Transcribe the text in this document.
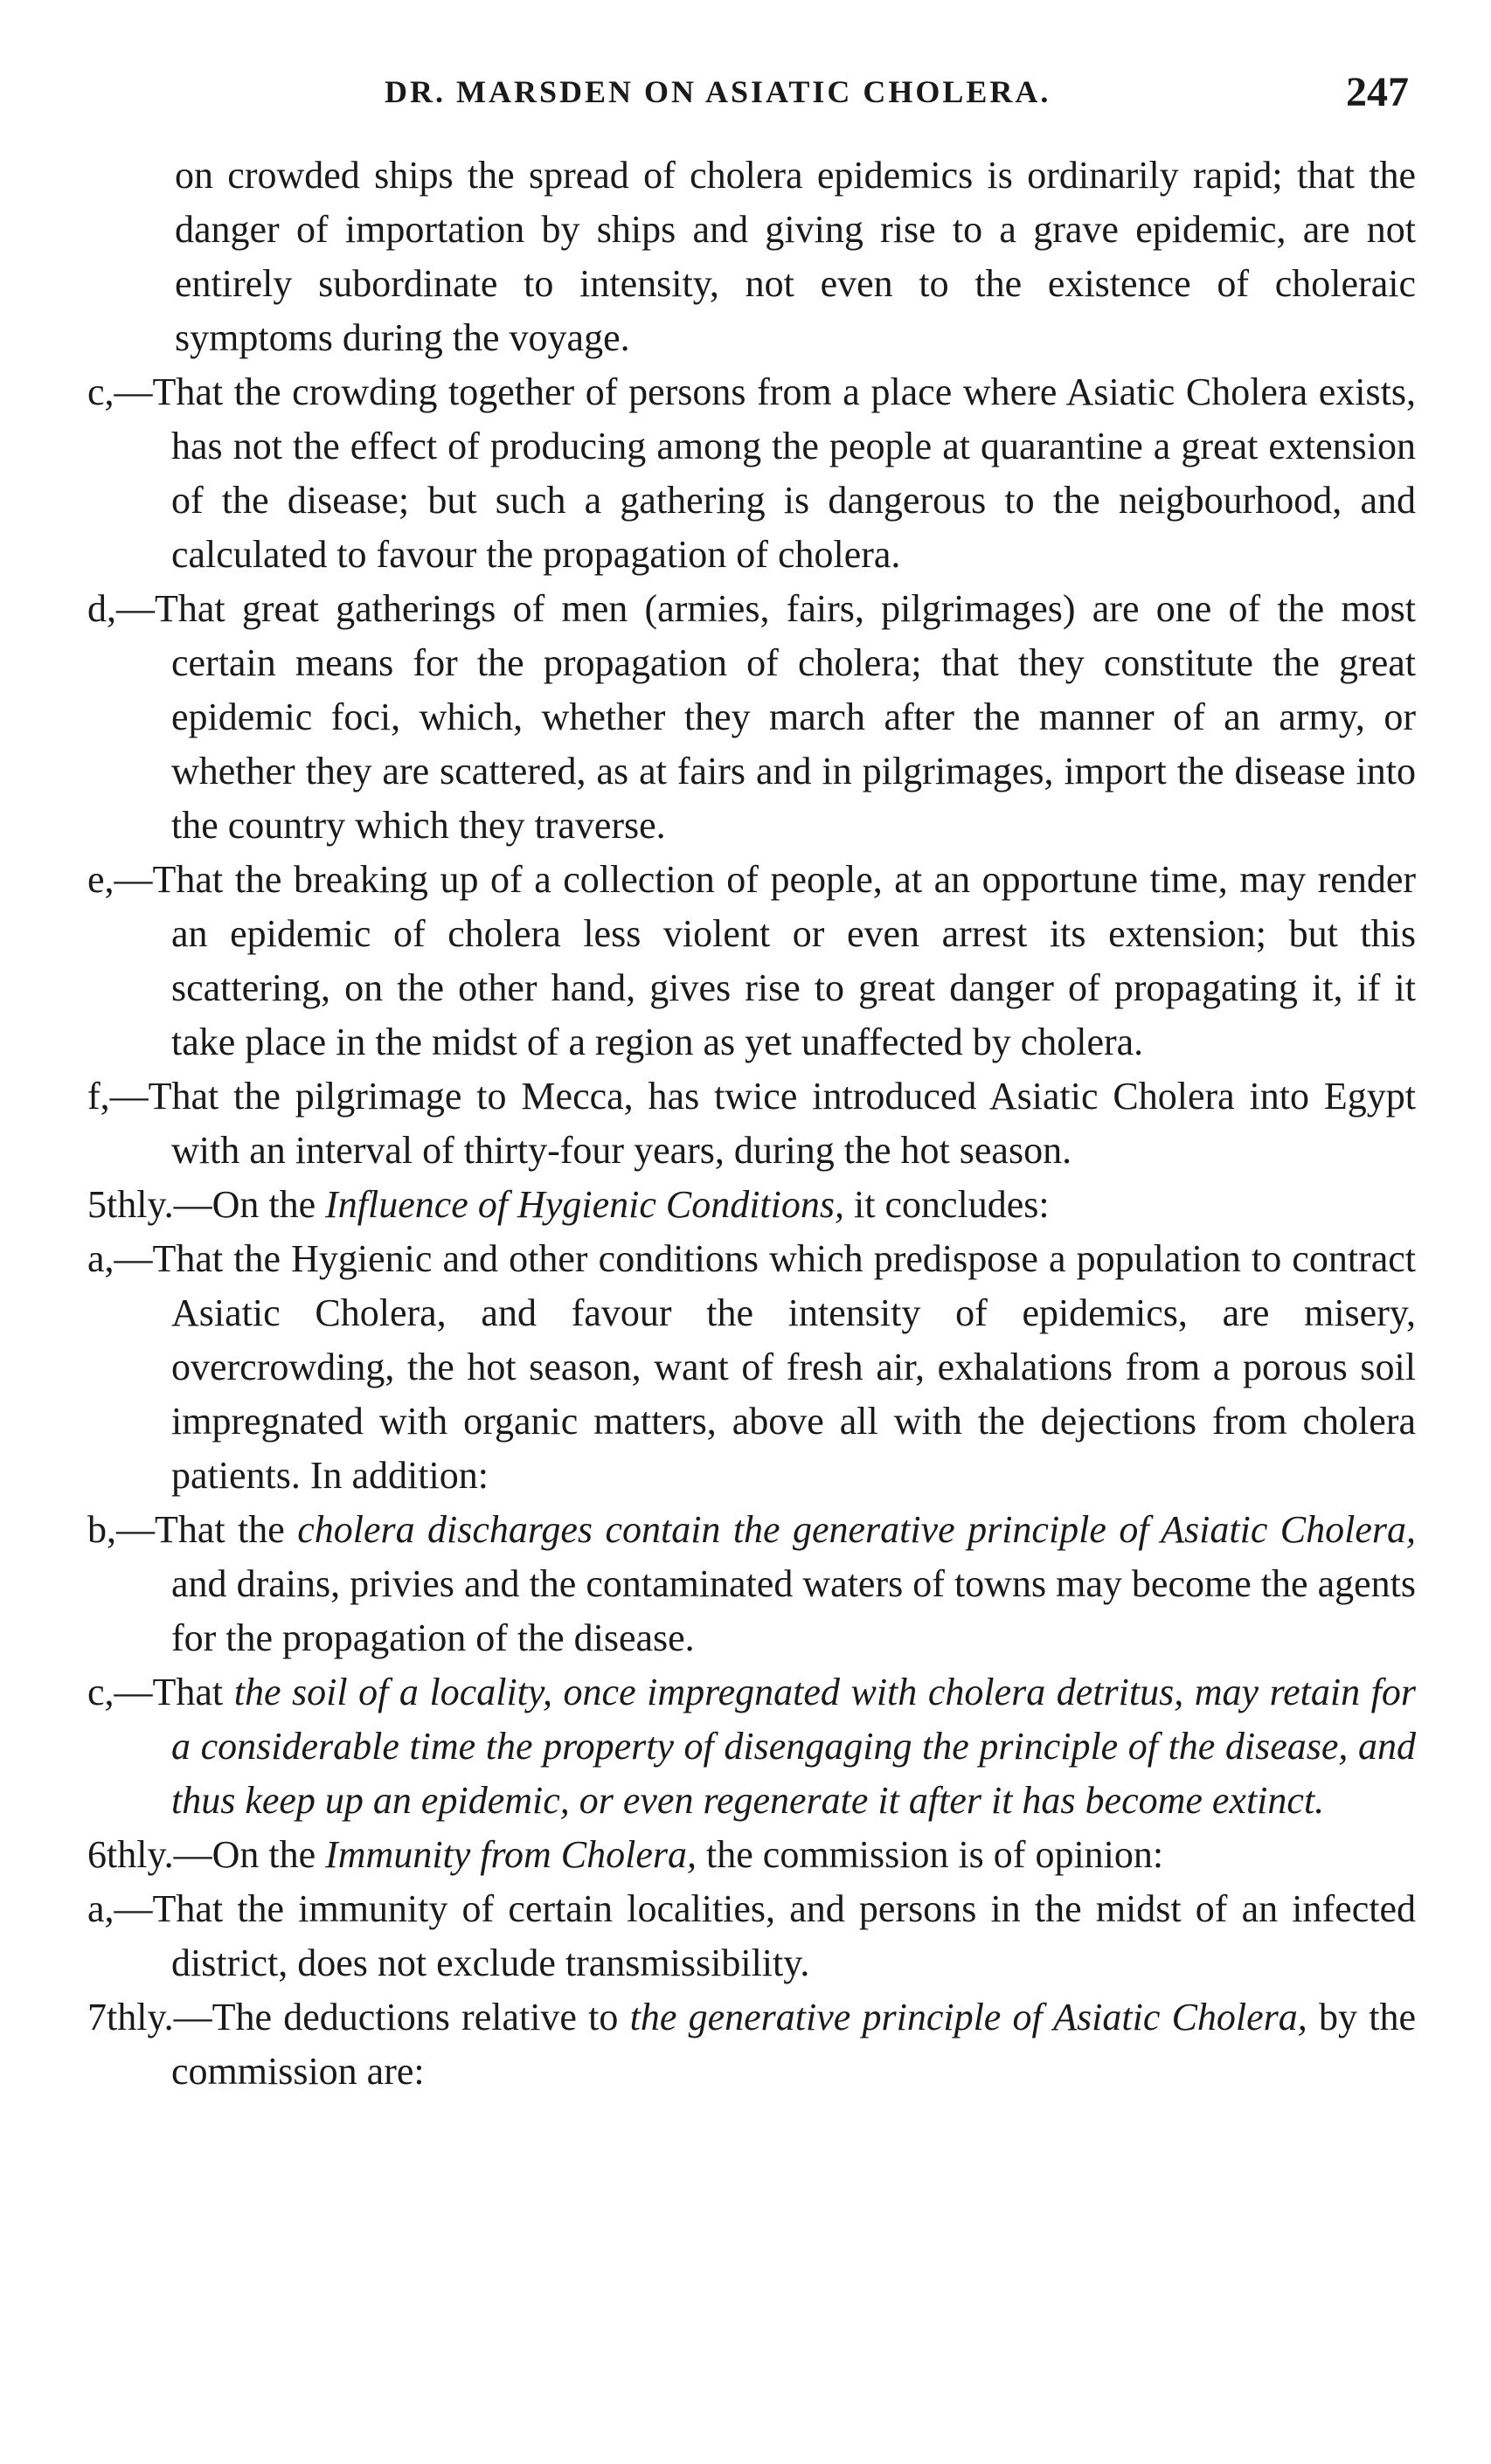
DR. MARSDEN ON ASIATIC CHOLERA.	247

on crowded ships the spread of cholera epidemics is ordinarily rapid; that the danger of importation by ships and giving rise to a grave epidemic, are not entirely subordinate to intensity, not even to the existence of choleraic symptoms during the voyage.

c,—That the crowding together of persons from a place where Asiatic Cholera exists, has not the effect of producing among the people at quarantine a great extension of the disease; but such a gathering is dangerous to the neigbourhood, and calculated to favour the propagation of cholera.

d,—That great gatherings of men (armies, fairs, pilgrimages) are one of the most certain means for the propagation of cholera; that they constitute the great epidemic foci, which, whether they march after the manner of an army, or whether they are scattered, as at fairs and in pilgrimages, import the disease into the country which they traverse.

e,—That the breaking up of a collection of people, at an opportune time, may render an epidemic of cholera less violent or even arrest its extension; but this scattering, on the other hand, gives rise to great danger of propagating it, if it take place in the midst of a region as yet unaffected by cholera.

f,—That the pilgrimage to Mecca, has twice introduced Asiatic Cholera into Egypt with an interval of thirty-four years, during the hot season.

5thly.—On the Influence of Hygienic Conditions, it concludes:

a,—That the Hygienic and other conditions which predispose a population to contract Asiatic Cholera, and favour the intensity of epidemics, are misery, overcrowding, the hot season, want of fresh air, exhalations from a porous soil impregnated with organic matters, above all with the dejections from cholera patients. In addition:

b,—That the cholera discharges contain the generative principle of Asiatic Cholera, and drains, privies and the contaminated waters of towns may become the agents for the propagation of the disease.

c,—That the soil of a locality, once impregnated with cholera detritus, may retain for a considerable time the property of disengaging the principle of the disease, and thus keep up an epidemic, or even regenerate it after it has become extinct.

6thly.—On the Immunity from Cholera, the commission is of opinion:

a,—That the immunity of certain localities, and persons in the midst of an infected district, does not exclude transmissibility.

7thly.—The deductions relative to the generative principle of Asiatic Cholera, by the commission are:
